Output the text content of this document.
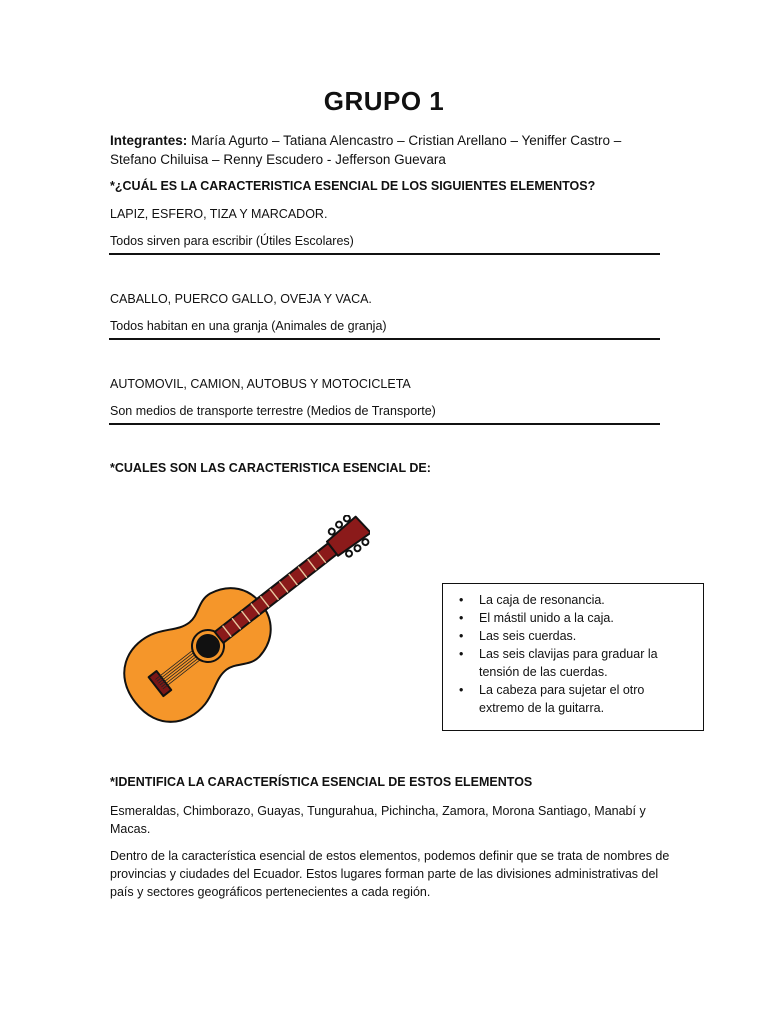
GRUPO 1
Integrantes: María Agurto – Tatiana Alencastro – Cristian Arellano – Yeniffer Castro – Stefano Chiluisa – Renny Escudero - Jefferson Guevara
*¿CUÁL ES LA CARACTERISTICA ESENCIAL DE LOS SIGUIENTES ELEMENTOS?
LAPIZ, ESFERO, TIZA Y MARCADOR.
Todos sirven para escribir (Útiles Escolares)
CABALLO, PUERCO GALLO, OVEJA Y VACA.
Todos habitan en una granja (Animales de granja)
AUTOMOVIL, CAMION, AUTOBUS Y MOTOCICLETA
Son medios de transporte terrestre (Medios de Transporte)
*CUALES SON LAS CARACTERISTICA ESENCIAL DE:
• La caja de resonancia.
• El mástil unido a la caja.
• Las seis cuerdas.
• Las seis clavijas para graduar la tensión de las cuerdas.
• La cabeza para sujetar el otro extremo de la guitarra.
*IDENTIFICA LA CARACTERÍSTICA ESENCIAL DE ESTOS ELEMENTOS
Esmeraldas, Chimborazo, Guayas, Tungurahua, Pichincha, Zamora, Morona Santiago, Manabí y Macas.
Dentro de la característica esencial de estos elementos, podemos definir que se trata de nombres de provincias y ciudades del Ecuador. Estos lugares forman parte de las divisiones administrativas del país y sectores geográficos pertenecientes a cada región.
